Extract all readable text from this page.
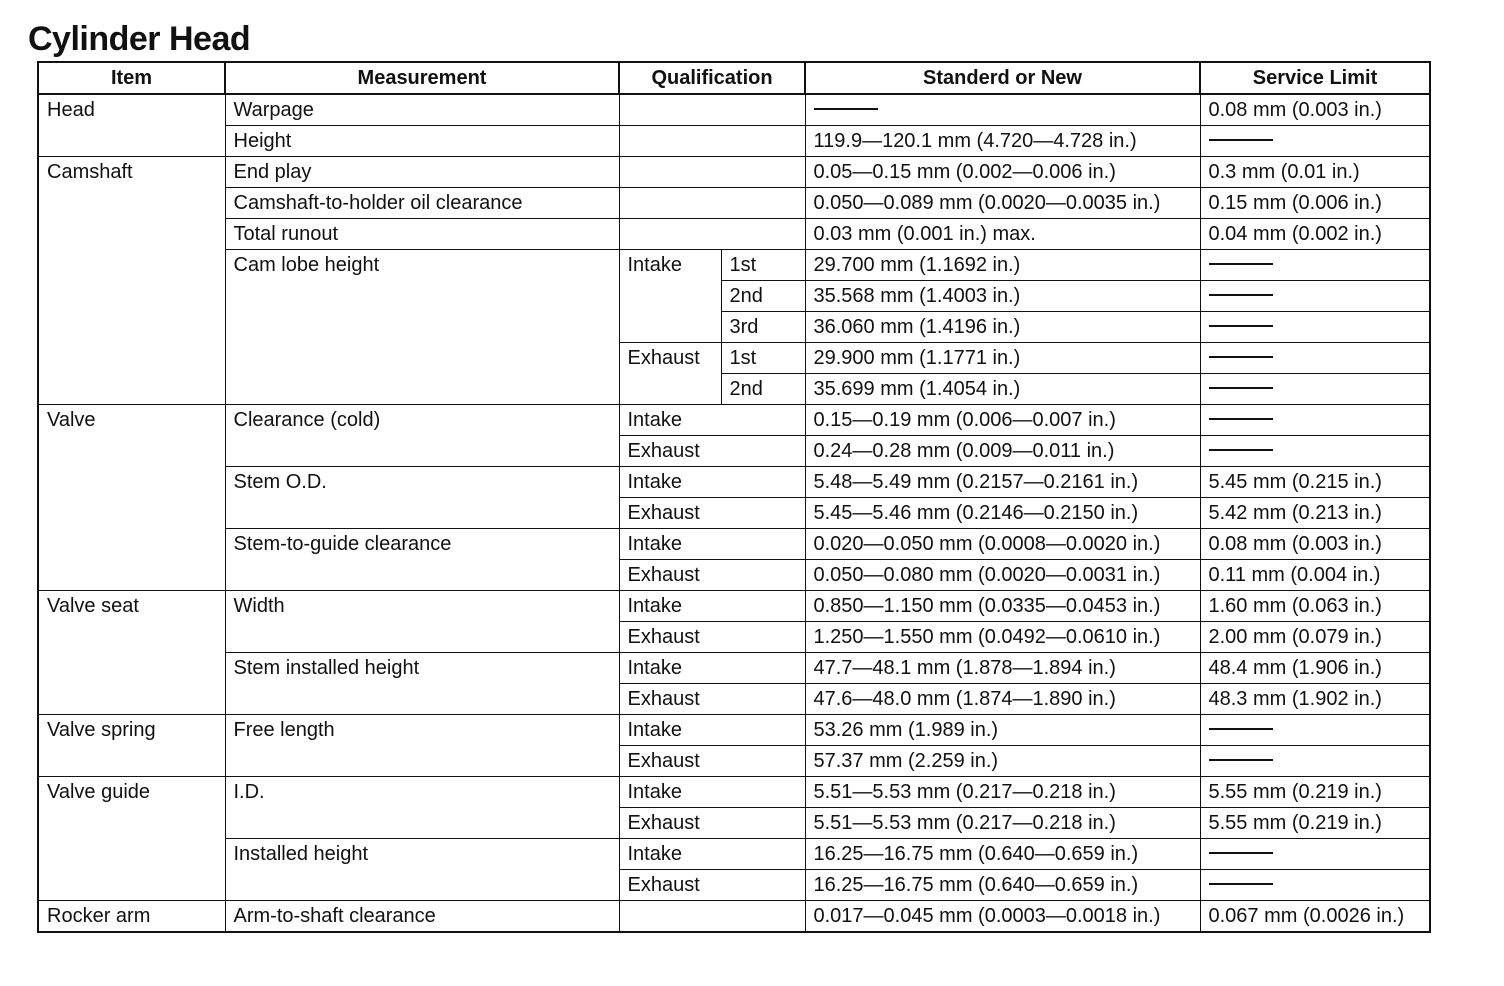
Cylinder Head
Item	Measurement	Qualification		Standerd or New	Service Limit
Head	Warpage				0.08 mm (0.003 in.)
	Height			119.9—120.1 mm (4.720—4.728 in.)	
Camshaft	End play			0.05—0.15 mm (0.002—0.006 in.)	0.3 mm (0.01 in.)
	Camshaft-to-holder oil clearance			0.050—0.089 mm (0.0020—0.0035 in.)	0.15 mm (0.006 in.)
	Total runout			0.03 mm (0.001 in.) max.	0.04 mm (0.002 in.)
	Cam lobe height	Intake	1st	29.700 mm (1.1692 in.)	
			2nd	35.568 mm (1.4003 in.)	
			3rd	36.060 mm (1.4196 in.)	
		Exhaust	1st	29.900 mm (1.1771 in.)	
			2nd	35.699 mm (1.4054 in.)	
Valve	Clearance (cold)	Intake		0.15—0.19 mm (0.006—0.007 in.)	
		Exhaust		0.24—0.28 mm (0.009—0.011 in.)	
	Stem O.D.	Intake		5.48—5.49 mm (0.2157—0.2161 in.)	5.45 mm (0.215 in.)
		Exhaust		5.45—5.46 mm (0.2146—0.2150 in.)	5.42 mm (0.213 in.)
	Stem-to-guide clearance	Intake		0.020—0.050 mm (0.0008—0.0020 in.)	0.08 mm (0.003 in.)
		Exhaust		0.050—0.080 mm (0.0020—0.0031 in.)	0.11 mm (0.004 in.)
Valve seat	Width	Intake		0.850—1.150 mm (0.0335—0.0453 in.)	1.60 mm (0.063 in.)
		Exhaust		1.250—1.550 mm (0.0492—0.0610 in.)	2.00 mm (0.079 in.)
	Stem installed height	Intake		47.7—48.1 mm (1.878—1.894 in.)	48.4 mm (1.906 in.)
		Exhaust		47.6—48.0 mm (1.874—1.890 in.)	48.3 mm (1.902 in.)
Valve spring	Free length	Intake		53.26 mm (1.989 in.)	
		Exhaust		57.37 mm (2.259 in.)	
Valve guide	I.D.	Intake		5.51—5.53 mm (0.217—0.218 in.)	5.55 mm (0.219 in.)
		Exhaust		5.51—5.53 mm (0.217—0.218 in.)	5.55 mm (0.219 in.)
	Installed height	Intake		16.25—16.75 mm (0.640—0.659 in.)	
		Exhaust		16.25—16.75 mm (0.640—0.659 in.)	
Rocker arm	Arm-to-shaft clearance			0.017—0.045 mm (0.0003—0.0018 in.)	0.067 mm (0.0026 in.)
